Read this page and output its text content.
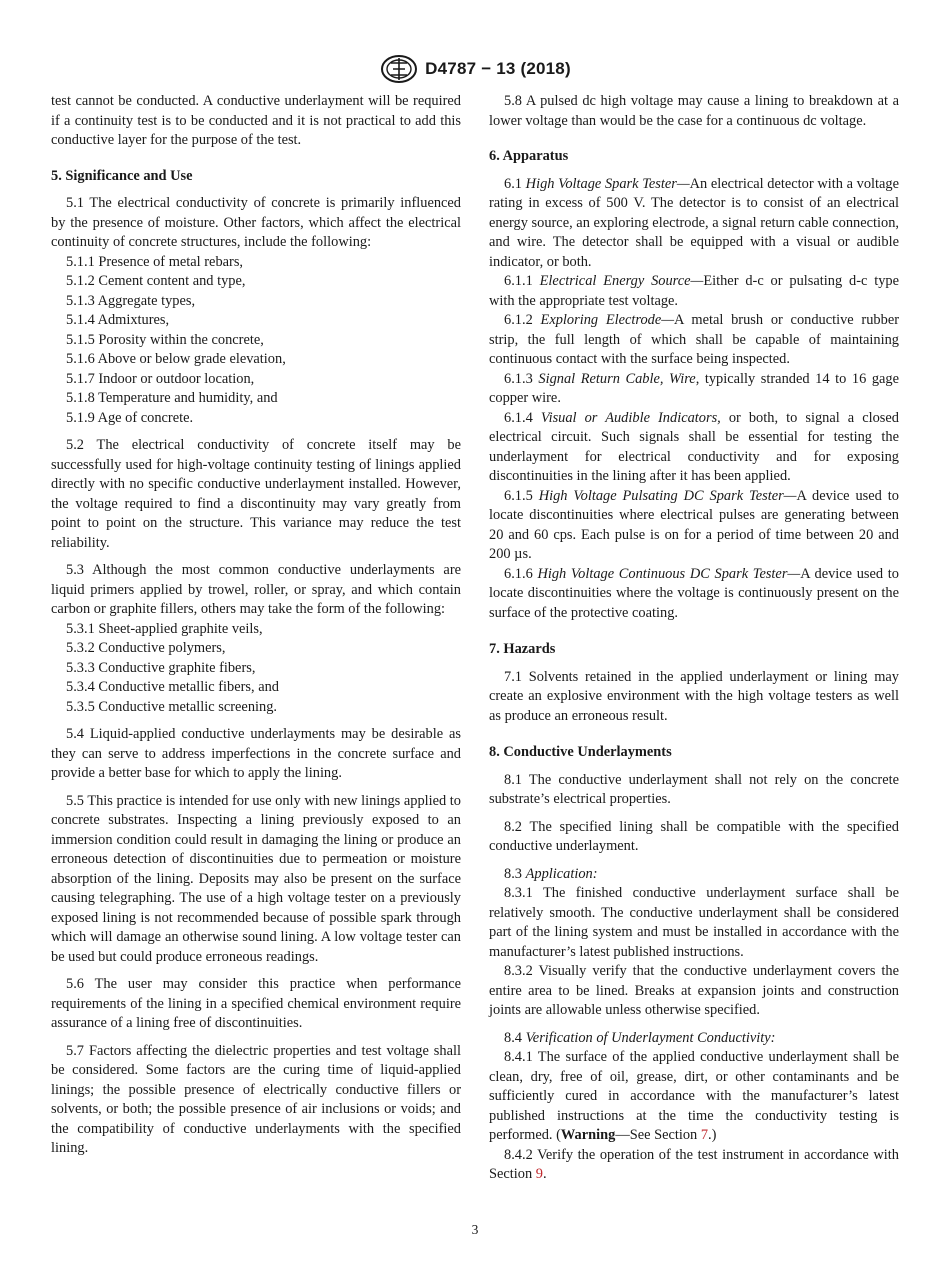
D4787 − 13 (2018)

test cannot be conducted. A conductive underlayment will be required if a continuity test is to be conducted and it is not practical to add this conductive layer for the purpose of the test.

5. Significance and Use

5.1 The electrical conductivity of concrete is primarily influenced by the presence of moisture. Other factors, which affect the electrical continuity of concrete structures, include the following:

5.1.1 Presence of metal rebars,

5.1.2 Cement content and type,

5.1.3 Aggregate types,

5.1.4 Admixtures,

5.1.5 Porosity within the concrete,

5.1.6 Above or below grade elevation,

5.1.7 Indoor or outdoor location,

5.1.8 Temperature and humidity, and

5.1.9 Age of concrete.

5.2 The electrical conductivity of concrete itself may be successfully used for high-voltage continuity testing of linings applied directly with no specific conductive underlayment installed. However, the voltage required to find a discontinuity may vary greatly from point to point on the structure. This variance may reduce the test reliability.

5.3 Although the most common conductive underlayments are liquid primers applied by trowel, roller, or spray, and which contain carbon or graphite fillers, others may take the form of the following:

5.3.1 Sheet-applied graphite veils,

5.3.2 Conductive polymers,

5.3.3 Conductive graphite fibers,

5.3.4 Conductive metallic fibers, and

5.3.5 Conductive metallic screening.

5.4 Liquid-applied conductive underlayments may be desirable as they can serve to address imperfections in the concrete surface and provide a better base for which to apply the lining.

5.5 This practice is intended for use only with new linings applied to concrete substrates. Inspecting a lining previously exposed to an immersion condition could result in damaging the lining or produce an erroneous detection of discontinuities due to permeation or moisture absorption of the lining. Deposits may also be present on the surface causing telegraphing. The use of a high voltage tester on a previously exposed lining is not recommended because of possible spark through which will damage an otherwise sound lining. A low voltage tester can be used but could produce erroneous readings.

5.6 The user may consider this practice when performance requirements of the lining in a specified chemical environment require assurance of a lining free of discontinuities.

5.7 Factors affecting the dielectric properties and test voltage shall be considered. Some factors are the curing time of liquid-applied linings; the possible presence of electrically conductive fillers or solvents, or both; the possible presence of air inclusions or voids; and the compatibility of conductive underlayments with the specified lining.

5.8 A pulsed dc high voltage may cause a lining to breakdown at a lower voltage than would be the case for a continuous dc voltage.

6. Apparatus

6.1 High Voltage Spark Tester—An electrical detector with a voltage rating in excess of 500 V. The detector is to consist of an electrical energy source, an exploring electrode, a signal return cable connection, and wire. The detector shall be equipped with a visual or audible indicator, or both.

6.1.1 Electrical Energy Source—Either d-c or pulsating d-c type with the appropriate test voltage.

6.1.2 Exploring Electrode—A metal brush or conductive rubber strip, the full length of which shall be capable of maintaining continuous contact with the surface being inspected.

6.1.3 Signal Return Cable, Wire, typically stranded 14 to 16 gage copper wire.

6.1.4 Visual or Audible Indicators, or both, to signal a closed electrical circuit. Such signals shall be essential for testing the underlayment for electrical conductivity and for exposing discontinuities in the lining after it has been applied.

6.1.5 High Voltage Pulsating DC Spark Tester—A device used to locate discontinuities where electrical pulses are generating between 20 and 60 cps. Each pulse is on for a period of time between 20 and 200 µs.

6.1.6 High Voltage Continuous DC Spark Tester—A device used to locate discontinuities where the voltage is continuously present on the surface of the protective coating.

7. Hazards

7.1 Solvents retained in the applied underlayment or lining may create an explosive environment with the high voltage testers as well as produce an erroneous result.

8. Conductive Underlayments

8.1 The conductive underlayment shall not rely on the concrete substrate’s electrical properties.

8.2 The specified lining shall be compatible with the specified conductive underlayment.

8.3 Application:

8.3.1 The finished conductive underlayment surface shall be relatively smooth. The conductive underlayment shall be considered part of the lining system and must be installed in accordance with the manufacturer’s latest published instructions.

8.3.2 Visually verify that the conductive underlayment covers the entire area to be lined. Breaks at expansion joints and construction joints are allowable unless otherwise specified.

8.4 Verification of Underlayment Conductivity:

8.4.1 The surface of the applied conductive underlayment shall be clean, dry, free of oil, grease, dirt, or other contaminants and be sufficiently cured in accordance with the manufacturer’s latest published instructions at the time the conductivity testing is performed. (Warning—See Section 7.)

8.4.2 Verify the operation of the test instrument in accordance with Section 9.

3
